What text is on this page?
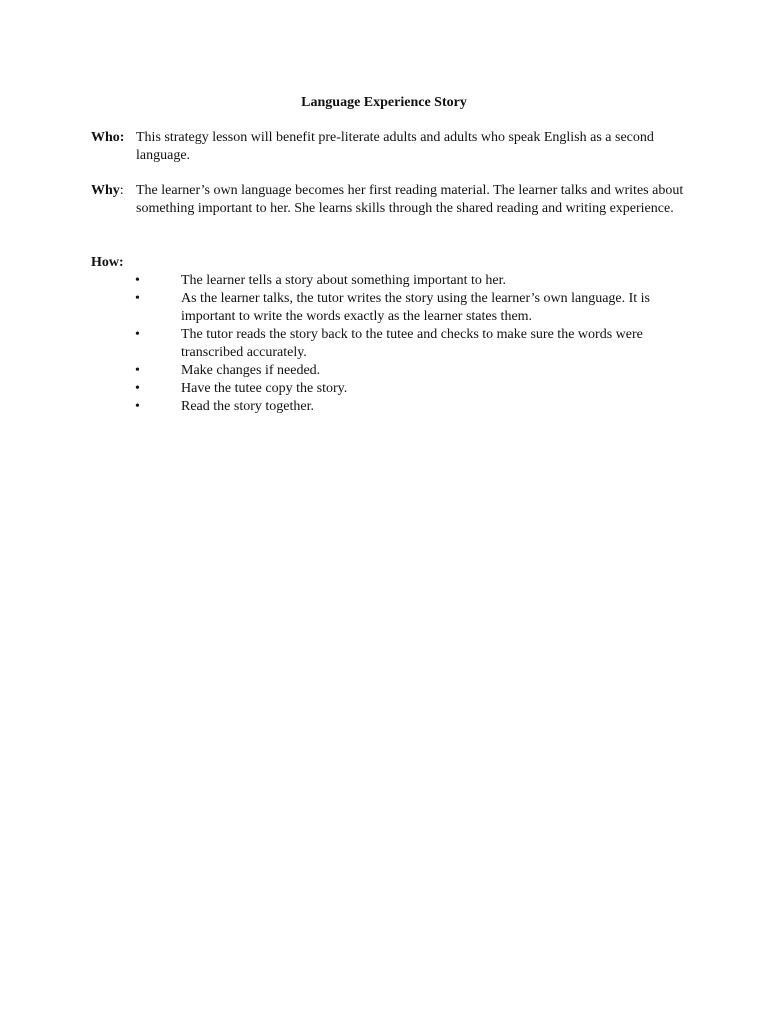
Language Experience Story
Who: This strategy lesson will benefit pre-literate adults and adults who speak English as a second language.
Why: The learner’s own language becomes her first reading material. The learner talks and writes about something important to her. She learns skills through the shared reading and writing experience.
How:
•	The learner tells a story about something important to her.
•	As the learner talks, the tutor writes the story using the learner’s own language. It is important to write the words exactly as the learner states them.
•	The tutor reads the story back to the tutee and checks to make sure the words were transcribed accurately.
•	Make changes if needed.
•	Have the tutee copy the story.
•	Read the story together.
